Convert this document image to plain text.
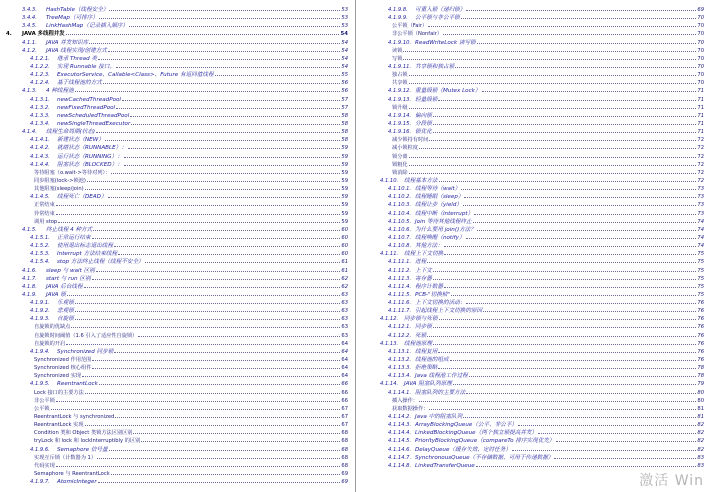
3.4.3.	HashTable（线程安全）	53
3.4.4.	TreeMap（可排序）	53
3.4.5.	LinkHashMap（记录插入顺序）	53
4.	JAVA 多线程并发	54
4.1.1.	JAVA 并发知识库	54
4.1.2.	JAVA 线程实现/创建方式	54
4.1.2.1.	继承 Thread 类	54
4.1.2.2.	实现 Runnable 接口。	54
4.1.2.3.	ExecutorService、Callable<Class>、Future 有返回值线程	55
4.1.2.4.	基于线程池的方式	56
4.1.3.	4 种线程池	56
4.1.3.1.	newCachedThreadPool	57
4.1.3.2.	newFixedThreadPool	57
4.1.3.3.	newScheduledThreadPool	58
4.1.3.4.	newSingleThreadExecutor	58
4.1.4.	线程生命周期(状态)	58
4.1.4.1.	新建状态（NEW）	58
4.1.4.2.	就绪状态（RUNNABLE）：	59
4.1.4.3.	运行状态（RUNNING）：	59
4.1.4.4.	阻塞状态（BLOCKED）：	59
等待阻塞（o.wait->等待对列）：	59
同步阻塞(lock->锁池)	59
其他阻塞(sleep/join)	59
4.1.4.5.	线程死亡（DEAD）	59
正常结束	59
异常结束	59
调用 stop	59
4.1.5.	终止线程 4 种方式	60
4.1.5.1.	正常运行结束	60
4.1.5.2.	使用退出标志退出线程	60
4.1.5.3.	Interrupt 方法结束线程	60
4.1.5.4.	stop 方法终止线程（线程不安全）	61
4.1.6.	sleep 与 wait 区别	61
4.1.7.	start 与 run 区别	62
4.1.8.	JAVA 后台线程	62
4.1.9.	JAVA 锁	63
4.1.9.1.	乐观锁	63
4.1.9.2.	悲观锁	63
4.1.9.3.	自旋锁	63
自旋锁的优缺点	63
自旋锁时间阈值（1.6 引入了适应性自旋锁）	63
自旋锁的开启	64
4.1.9.4.	Synchronized 同步锁	64
Synchronized 作用范围	64
Synchronized 核心组件	64
Synchronized 实现	64
4.1.9.5.	ReentrantLock	66
Lock 接口的主要方法	66
非公平锁	66
公平锁	67
ReentrantLock 与 synchronized	67
ReentrantLock 实现	67
Condition 类和 Object 类锁方法区别区别	68
tryLock 和 lock 和 lockInterruptibly 的区别	68
4.1.9.6.	Semaphore 信号量	68
实现互斥锁（计数器为 1）	68
代码实现	68
Semaphore 与 ReentrantLock	69
4.1.9.7.	AtomicInteger	69
4.1.9.8.	可重入锁（递归锁）	69
4.1.9.9.	公平锁与非公平锁	70
公平锁（Fair）	70
非公平锁（Nonfair）	70
4.1.9.10. ReadWriteLock 读写锁	70
读锁	70
写锁	70
4.1.9.11. 共享锁和独占锁	70
独占锁	70
共享锁	70
4.1.9.12. 重量级锁（Mutex Lock）	71
4.1.9.13. 轻量级锁	71
锁升级	71
4.1.9.14. 偏向锁	71
4.1.9.15. 分段锁	71
4.1.9.16. 锁优化	71
减少锁持有时间	72
减小锁粒度	72
锁分离	72
锁粗化	72
锁消除	72
4.1.10.	线程基本方法	72
4.1.10.1. 线程等待（wait）	73
4.1.10.2. 线程睡眠（sleep）	73
4.1.10.3. 线程让步（yield）	73
4.1.10.4. 线程中断（interrupt）	73
4.1.10.5. Join 等待其他线程终止	74
4.1.10.6. 为什么要用 join()方法？	74
4.1.10.7. 线程唤醒（notify）	74
4.1.10.8. 其他方法：	74
4.1.11.	线程上下文切换	75
4.1.11.1. 进程	75
4.1.11.2. 上下文	75
4.1.11.3. 寄存器	75
4.1.11.4. 程序计数器	75
4.1.11.5. PCB-"切换桢"	75
4.1.11.6. 上下文切换的活动：	76
4.1.11.7. 引起线程上下文切换的原因	76
4.1.12.	同步锁与死锁	76
4.1.12.1. 同步锁	76
4.1.12.2. 死锁	76
4.1.13.	线程池原理	76
4.1.13.1. 线程复用	76
4.1.13.2. 线程池的组成	76
4.1.13.3. 拒绝策略	78
4.1.13.4. Java 线程池工作过程	78
4.1.14.	JAVA 阻塞队列原理	79
4.1.14.1. 阻塞队列的主要方法	80
插入操作：	80
获取数据操作：	81
4.1.14.2. Java 中的阻塞队列	81
4.1.14.3. ArrayBlockingQueue（公平、非公平）	82
4.1.14.4. LinkedBlockingQueue（两个独立锁提高并发）	82
4.1.14.5. PriorityBlockingQueue（compareTo 排序实现优先）	82
4.1.14.6. DelayQueue（缓存失效、定时任务）	82
4.1.14.7. SynchronousQueue（不存储数据、可用于传递数据）	83
4.1.14.8. LinkedTransferQueue	83
激活 Win
